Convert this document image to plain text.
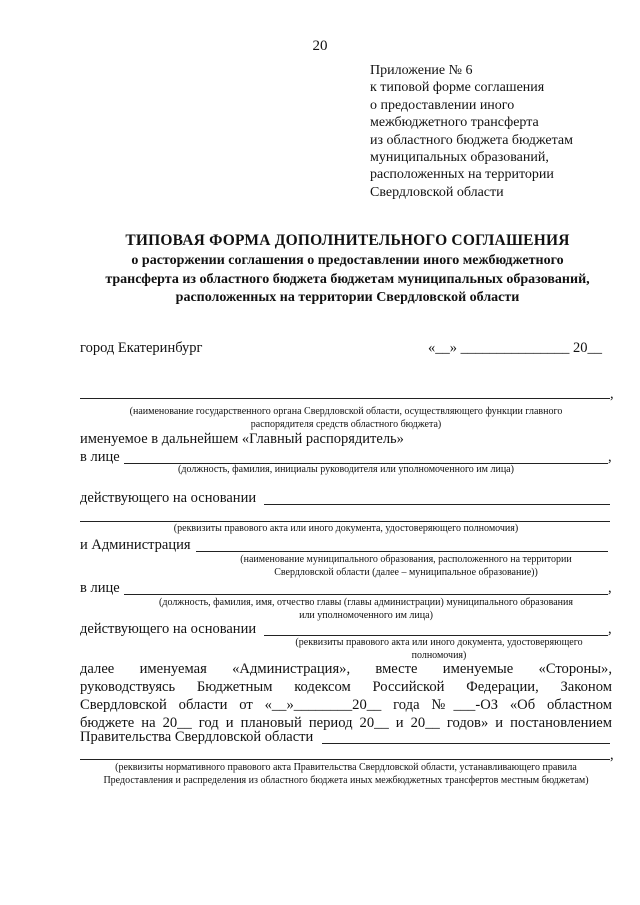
20
Приложение № 6
к типовой форме соглашения
о предоставлении иного
межбюджетного трансферта
из областного бюджета бюджетам
муниципальных образований,
расположенных на территории
Свердловской области
ТИПОВАЯ ФОРМА ДОПОЛНИТЕЛЬНОГО СОГЛАШЕНИЯ
о расторжении соглашения о предоставлении иного межбюджетного
трансферта из областного бюджета бюджетам муниципальных образований,
расположенных на территории Свердловской области
город Екатеринбург	«__» _______________ 20__
,
(наименование государственного органа Свердловской области, осуществляющего функции главного
распорядителя средств областного бюджета)
именуемое в дальнейшем «Главный распорядитель»
в лице	,
(должность, фамилия, инициалы руководителя или уполномоченного им лица)
действующего на основании
(реквизиты правового акта или иного документа, удостоверяющего полномочия)
и Администрация
(наименование муниципального образования, расположенного на территории
Свердловской области (далее – муниципальное образование))
в лице	,
(должность, фамилия, имя, отчество главы (главы администрации) муниципального образования
или уполномоченного им лица)
действующего на основании	,
(реквизиты правового акта или иного документа, удостоверяющего
полномочия)
далее именуемая «Администрация», вместе именуемые «Стороны»,
руководствуясь Бюджетным кодексом Российской Федерации, Законом
Свердловской области от «__»________20__ года №___-ОЗ «Об областном
бюджете на 20__ год и плановый период 20__ и 20__ годов» и постановлением
Правительства Свердловской области
,
(реквизиты нормативного правового акта Правительства Свердловской области, устанавливающего правила
Предоставления и распределения из областного бюджета иных межбюджетных трансфертов местным бюджетам)
